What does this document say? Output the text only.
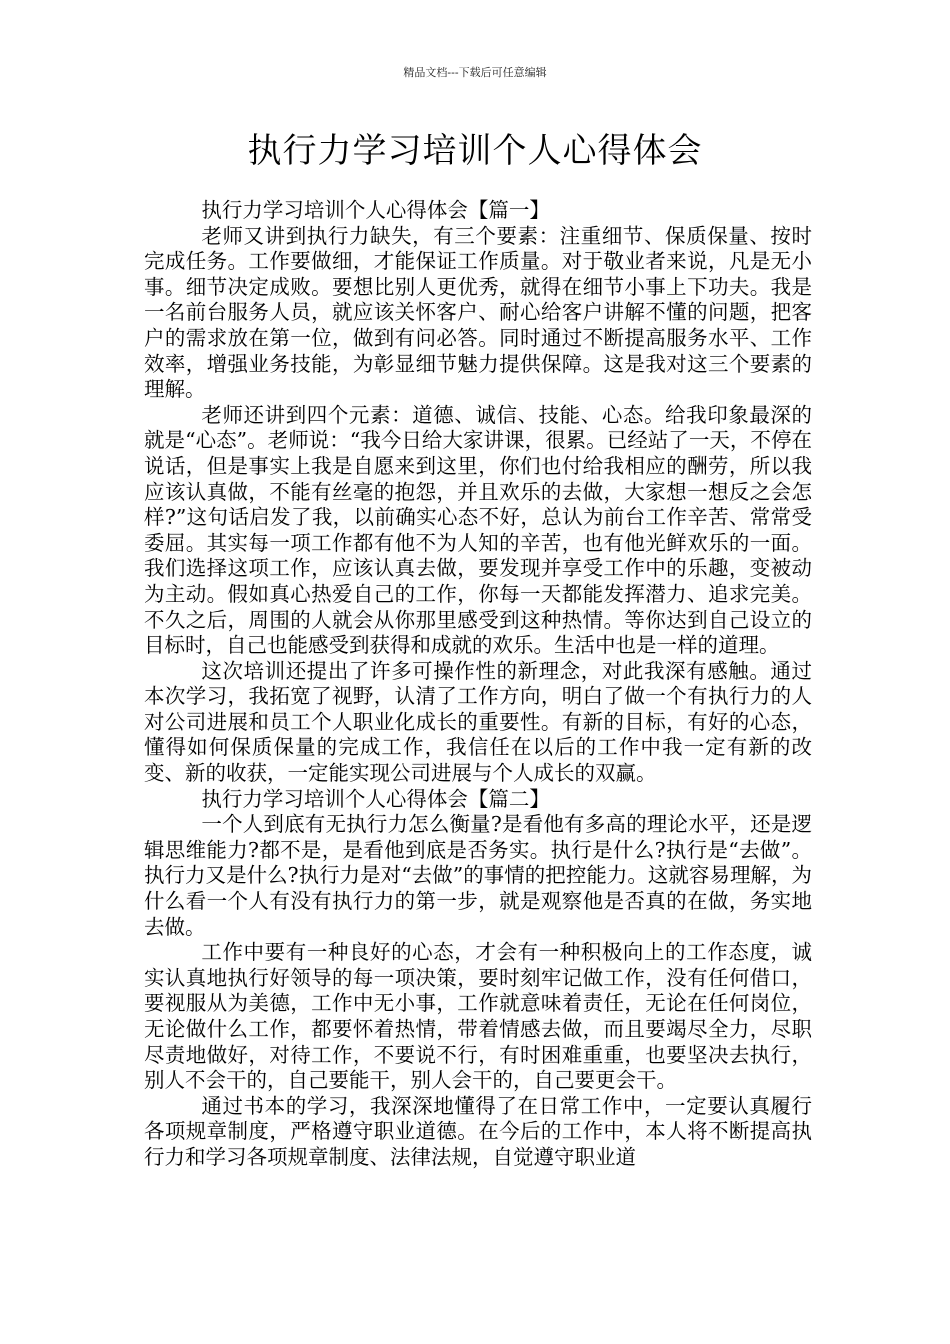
精品文档---下载后可任意编辑
执行力学习培训个人心得体会

执行力学习培训个人心得体会【篇一】

老师又讲到执行力缺失，有三个要素：注重细节、保质保量、按时完成任务。工作要做细，才能保证工作质量。对于敬业者来说，凡是无小事。细节决定成败。要想比别人更优秀，就得在细节小事上下功夫。我是一名前台服务人员，就应该关怀客户、耐心给客户讲解不懂的问题，把客户的需求放在第一位，做到有问必答。同时通过不断提高服务水平、工作效率，增强业务技能，为彰显细节魅力提供保障。这是我对这三个要素的理解。

老师还讲到四个元素：道德、诚信、技能、心态。给我印象最深的就是“心态”。老师说：“我今日给大家讲课，很累。已经站了一天，不停在说话，但是事实上我是自愿来到这里，你们也付给我相应的酬劳，所以我应该认真做，不能有丝毫的抱怨，并且欢乐的去做，大家想一想反之会怎样?”这句话启发了我，以前确实心态不好，总认为前台工作辛苦、常常受委屈。其实每一项工作都有他不为人知的辛苦，也有他光鲜欢乐的一面。我们选择这项工作，应该认真去做，要发现并享受工作中的乐趣，变被动为主动。假如真心热爱自己的工作，你每一天都能发挥潜力、追求完美。不久之后，周围的人就会从你那里感受到这种热情。等你达到自己设立的目标时，自己也能感受到获得和成就的欢乐。生活中也是一样的道理。

这次培训还提出了许多可操作性的新理念，对此我深有感触。通过本次学习，我拓宽了视野，认清了工作方向，明白了做一个有执行力的人对公司进展和员工个人职业化成长的重要性。有新的目标，有好的心态，懂得如何保质保量的完成工作，我信任在以后的工作中我一定有新的改变、新的收获，一定能实现公司进展与个人成长的双赢。

执行力学习培训个人心得体会【篇二】

一个人到底有无执行力怎么衡量?是看他有多高的理论水平，还是逻辑思维能力?都不是，是看他到底是否务实。执行是什么?执行是“去做”。执行力又是什么?执行力是对“去做”的事情的把控能力。这就容易理解，为什么看一个人有没有执行力的第一步，就是观察他是否真的在做，务实地去做。

工作中要有一种良好的心态，才会有一种积极向上的工作态度，诚实认真地执行好领导的每一项决策，要时刻牢记做工作，没有任何借口，要视服从为美德，工作中无小事，工作就意味着责任，无论在任何岗位，无论做什么工作，都要怀着热情，带着情感去做，而且要竭尽全力，尽职尽责地做好，对待工作，不要说不行，有时困难重重，也要坚决去执行，别人不会干的，自己要能干，别人会干的，自己要更会干。

通过书本的学习，我深深地懂得了在日常工作中，一定要认真履行各项规章制度，严格遵守职业道德。在今后的工作中，本人将不断提高执行力和学习各项规章制度、法律法规，自觉遵守职业道
